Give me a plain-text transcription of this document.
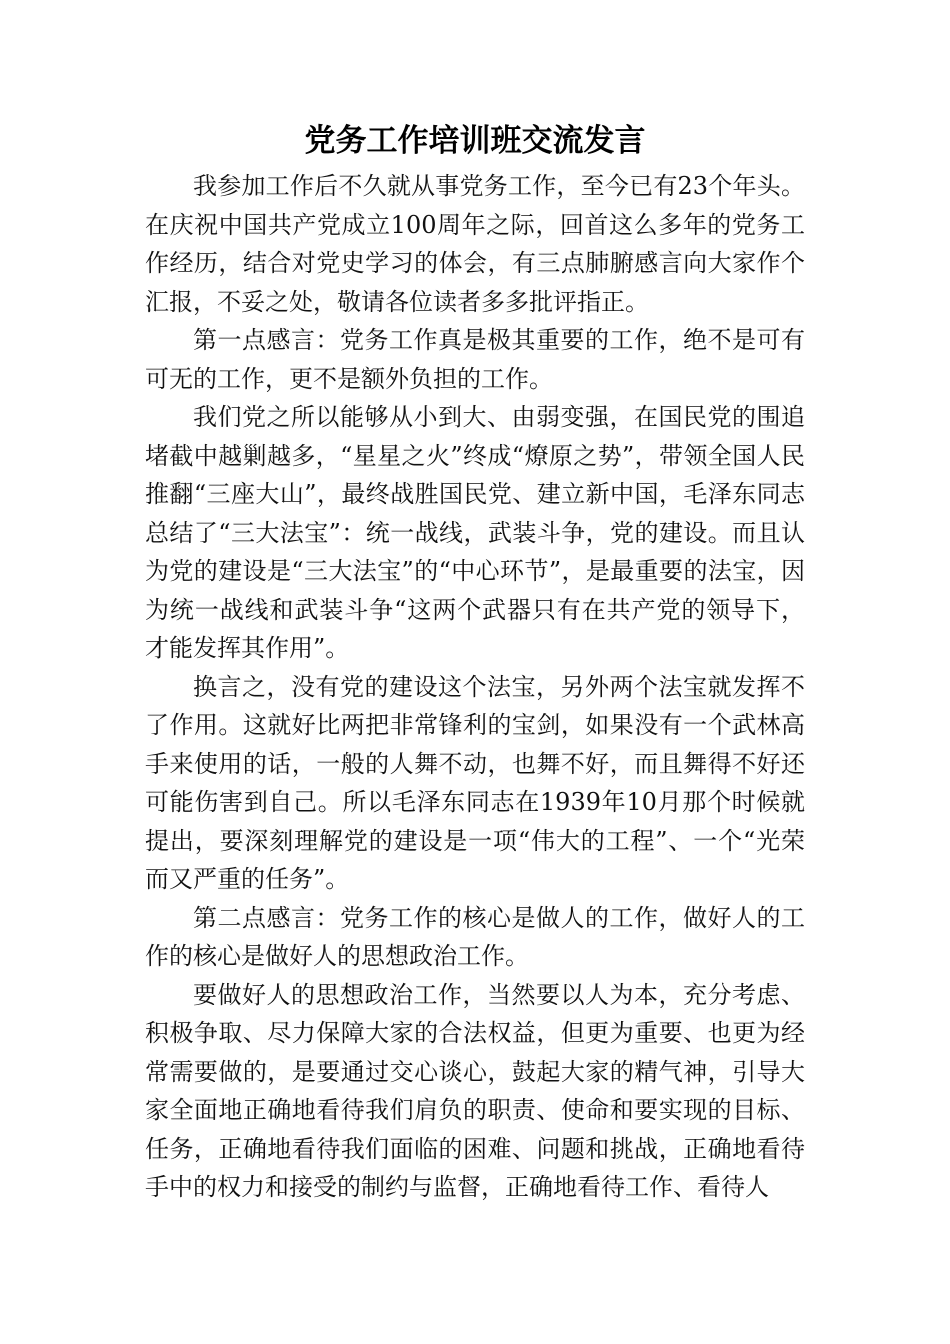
党务工作培训班交流发言

我参加工作后不久就从事党务工作，至今已有23个年头。在庆祝中国共产党成立100周年之际，回首这么多年的党务工作经历，结合对党史学习的体会，有三点肺腑感言向大家作个汇报，不妥之处，敬请各位读者多多批评指正。

第一点感言：党务工作真是极其重要的工作，绝不是可有可无的工作，更不是额外负担的工作。

我们党之所以能够从小到大、由弱变强，在国民党的围追堵截中越剿越多，“星星之火”终成“燎原之势”，带领全国人民推翻“三座大山”，最终战胜国民党、建立新中国，毛泽东同志总结了“三大法宝”：统一战线，武装斗争，党的建设。而且认为党的建设是“三大法宝”的“中心环节”，是最重要的法宝，因为统一战线和武装斗争“这两个武器只有在共产党的领导下，才能发挥其作用”。

换言之，没有党的建设这个法宝，另外两个法宝就发挥不了作用。这就好比两把非常锋利的宝剑，如果没有一个武林高手来使用的话，一般的人舞不动，也舞不好，而且舞得不好还可能伤害到自己。所以毛泽东同志在1939年10月那个时候就提出，要深刻理解党的建设是一项“伟大的工程”、一个“光荣而又严重的任务”。

第二点感言：党务工作的核心是做人的工作，做好人的工作的核心是做好人的思想政治工作。

要做好人的思想政治工作，当然要以人为本，充分考虑、积极争取、尽力保障大家的合法权益，但更为重要、也更为经常需要做的，是要通过交心谈心，鼓起大家的精气神，引导大家全面地正确地看待我们肩负的职责、使命和要实现的目标、任务，正确地看待我们面临的困难、问题和挑战，正确地看待手中的权力和接受的制约与监督，正确地看待工作、看待人
